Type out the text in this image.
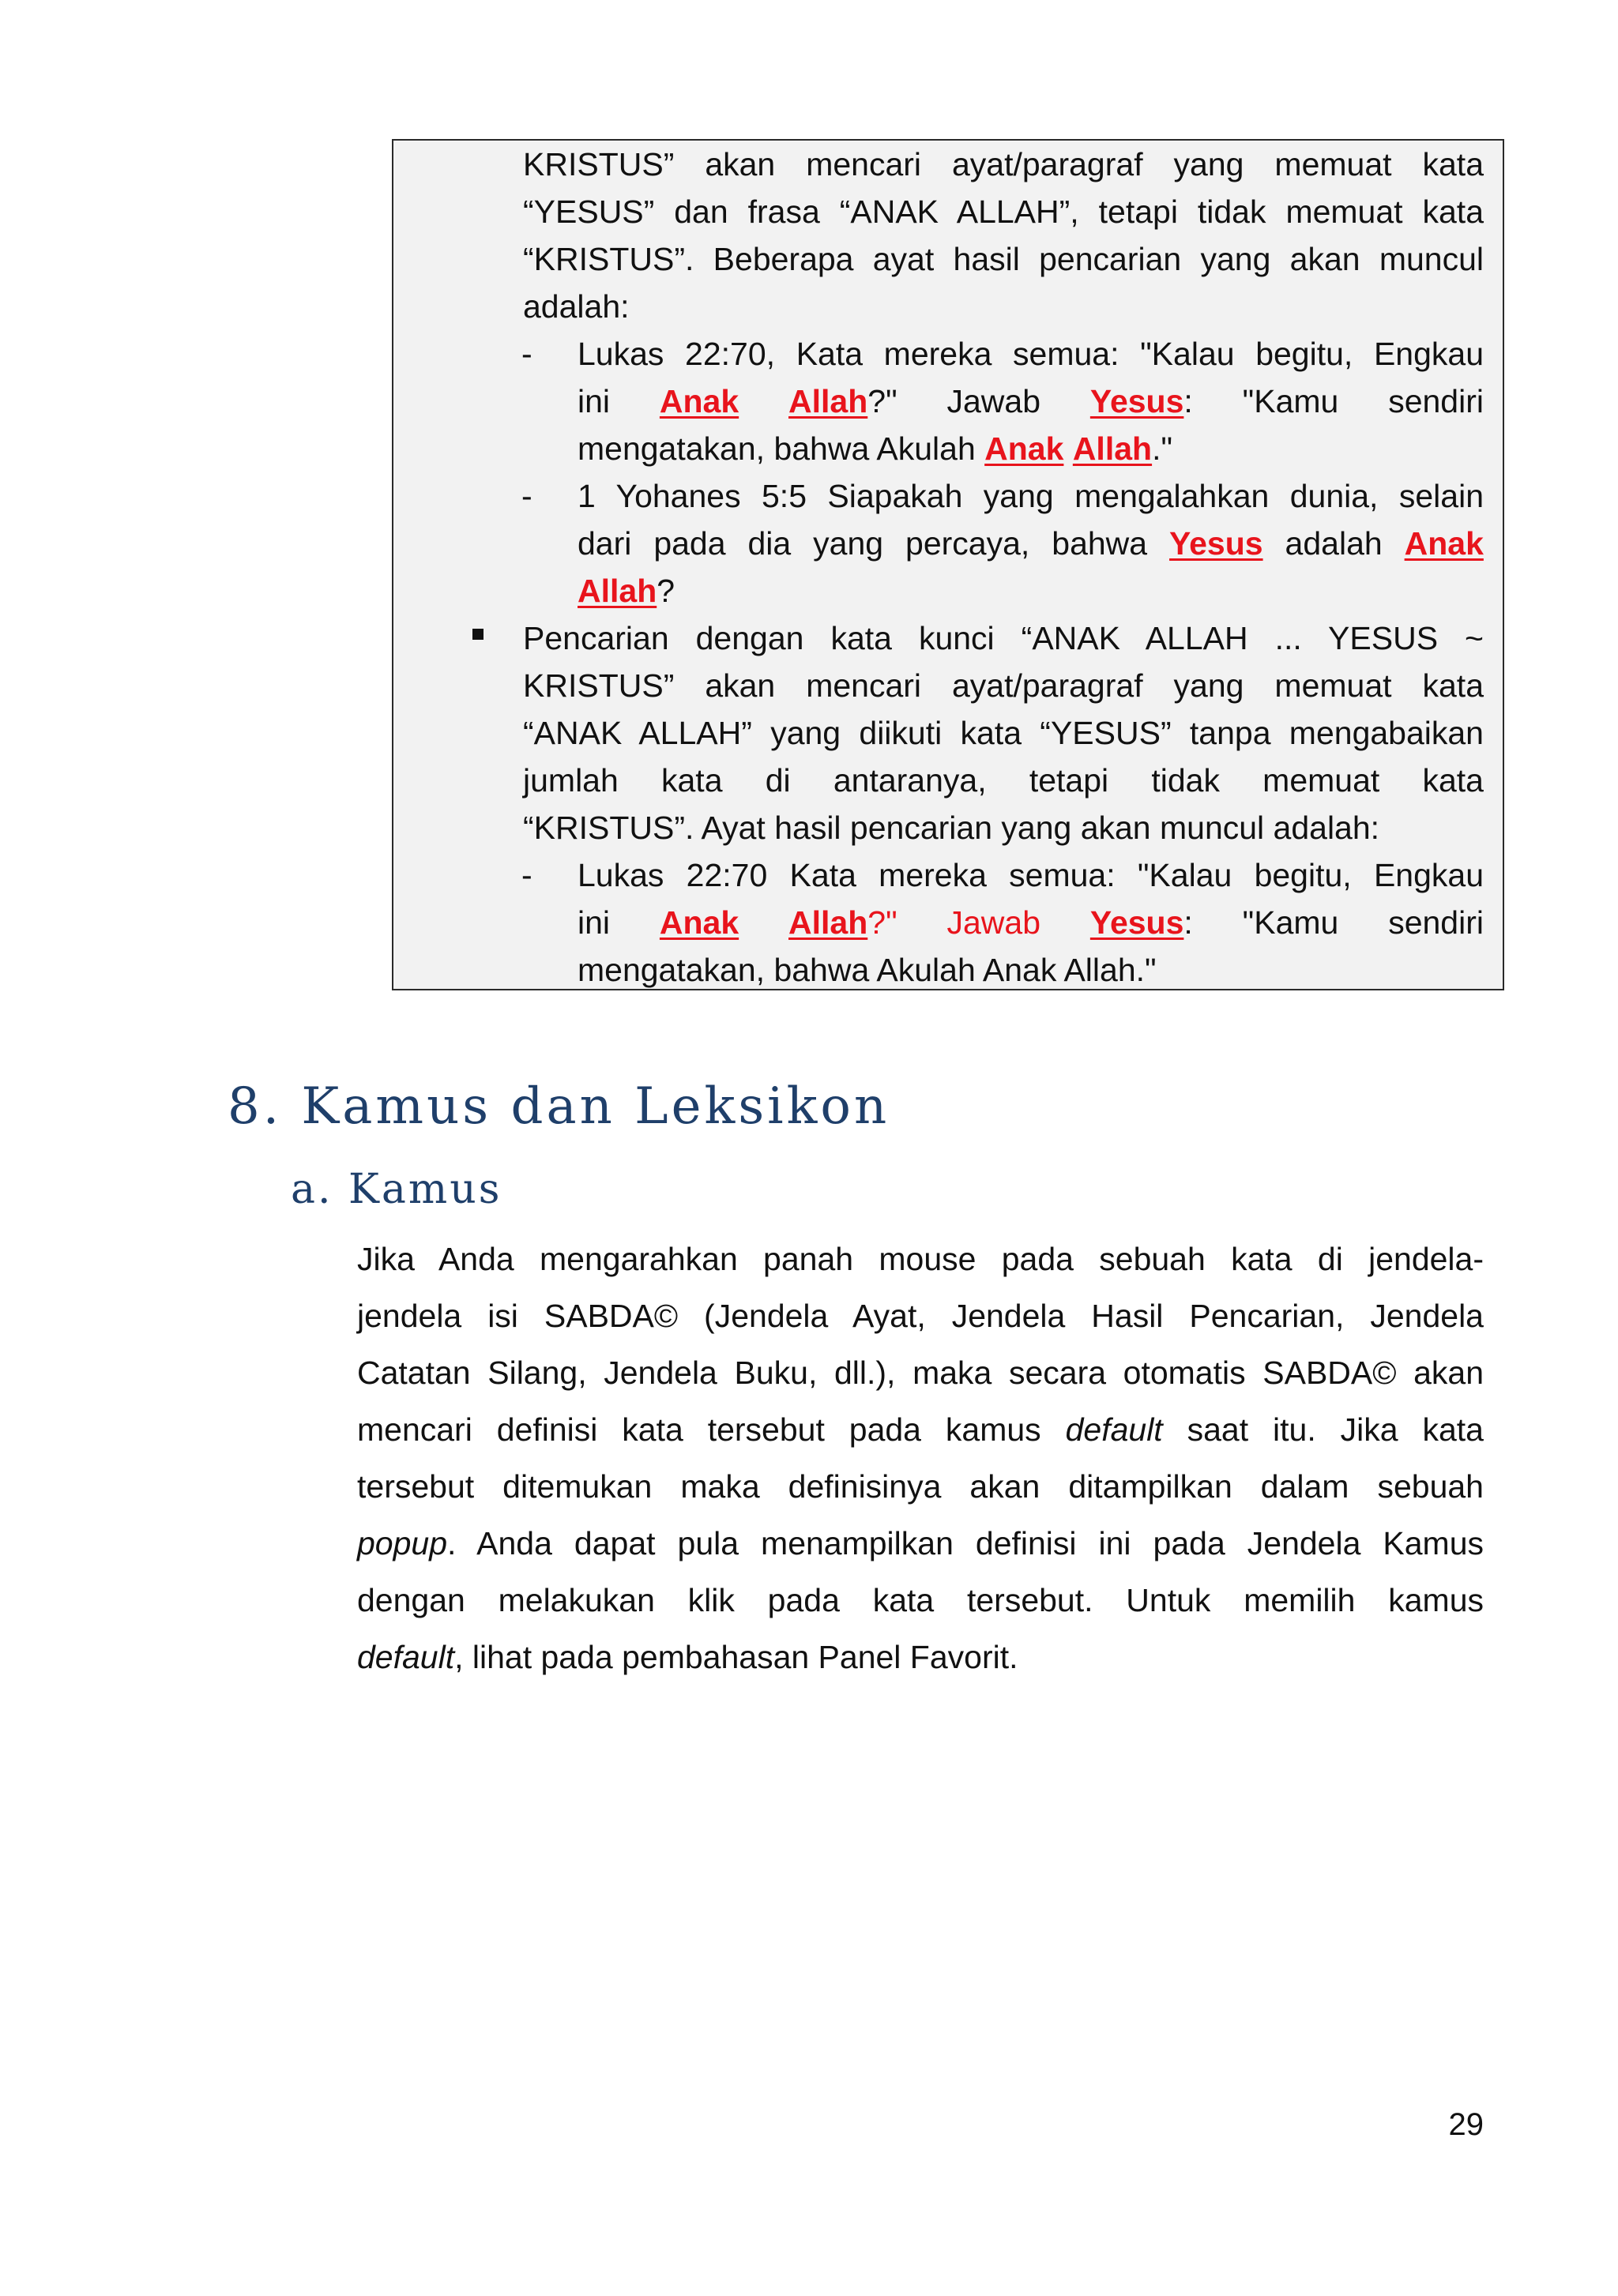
KRISTUS” akan mencari ayat/paragraf yang memuat kata
“YESUS” dan frasa “ANAK ALLAH”, tetapi tidak memuat kata
“KRISTUS”. Beberapa ayat hasil pencarian yang akan muncul
adalah:
- Lukas 22:70, Kata mereka semua: "Kalau begitu, Engkau
ini Anak Allah?" Jawab Yesus: "Kamu sendiri
mengatakan, bahwa Akulah Anak Allah."
- 1 Yohanes 5:5 Siapakah yang mengalahkan dunia, selain
dari pada dia yang percaya, bahwa Yesus adalah Anak
Allah?
Pencarian dengan kata kunci “ANAK ALLAH ... YESUS ~
KRISTUS” akan mencari ayat/paragraf yang memuat kata
“ANAK ALLAH” yang diikuti kata “YESUS” tanpa mengabaikan
jumlah kata di antaranya, tetapi tidak memuat kata
“KRISTUS”. Ayat hasil pencarian yang akan muncul adalah:
- Lukas 22:70 Kata mereka semua: "Kalau begitu, Engkau
ini Anak Allah?" Jawab Yesus: "Kamu sendiri
mengatakan, bahwa Akulah Anak Allah."
8. Kamus dan Leksikon
a. Kamus
Jika Anda mengarahkan panah mouse pada sebuah kata di jendela-
jendela isi SABDA© (Jendela Ayat, Jendela Hasil Pencarian, Jendela
Catatan Silang, Jendela Buku, dll.), maka secara otomatis SABDA© akan
mencari definisi kata tersebut pada kamus default saat itu. Jika kata
tersebut ditemukan maka definisinya akan ditampilkan dalam sebuah
popup. Anda dapat pula menampilkan definisi ini pada Jendela Kamus
dengan melakukan klik pada kata tersebut. Untuk memilih kamus
default, lihat pada pembahasan Panel Favorit.
29
